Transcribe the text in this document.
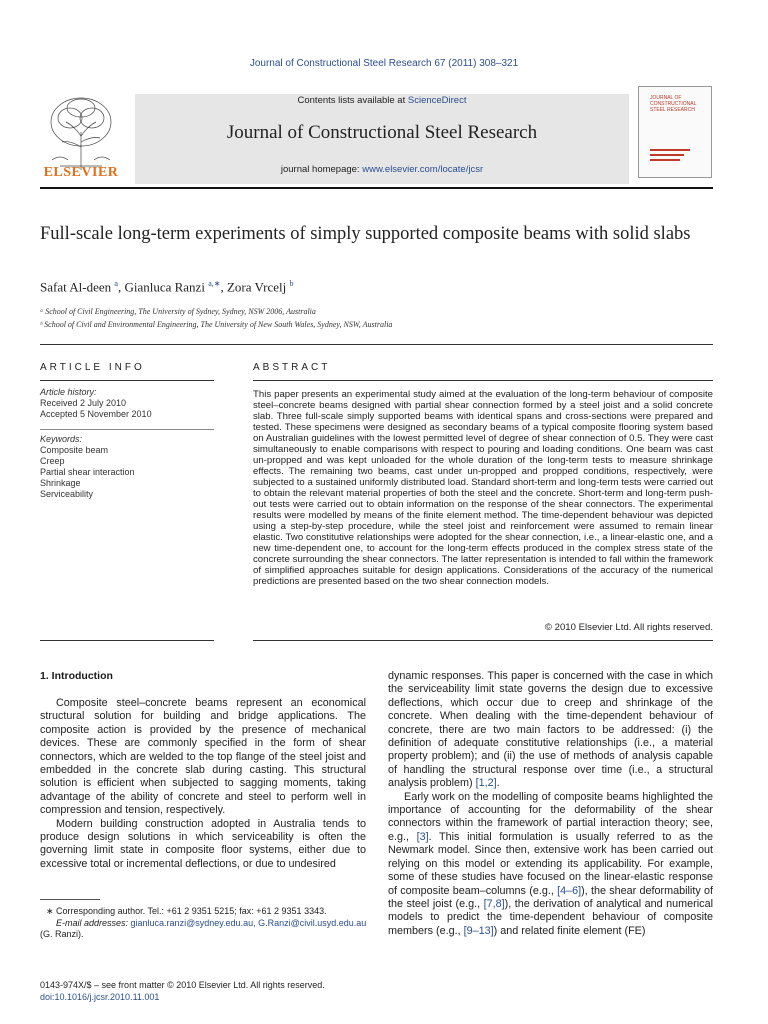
Journal of Constructional Steel Research 67 (2011) 308–321
ELSEVIER
Contents lists available at ScienceDirect
Journal of Constructional Steel Research
journal homepage: www.elsevier.com/locate/jcsr
JOURNAL OF CONSTRUCTIONAL STEEL RESEARCH
Full-scale long-term experiments of simply supported composite beams with solid slabs
Safat Al-deen $^a$, Gianluca Ranzi $^{a,∗}$, Zora Vrcelj $^b$
ᵃ School of Civil Engineering, The University of Sydney, Sydney, NSW 2006, Australia
ᵇ School of Civil and Environmental Engineering, The University of New South Wales, Sydney, NSW, Australia
ARTICLE INFO	ABSTRACT
Article history:
Received 2 July 2010
Accepted 5 November 2010
Keywords:
Composite beam
Creep
Partial shear interaction
Shrinkage
Serviceability
This paper presents an experimental study aimed at the evaluation of the long-term behaviour of composite steel–concrete beams designed with partial shear connection formed by a steel joist and a solid concrete slab. Three full-scale simply supported beams with identical spans and cross-sections were prepared and tested. These specimens were designed as secondary beams of a typical composite flooring system based on Australian guidelines with the lowest permitted level of degree of shear connection of 0.5. They were cast simultaneously to enable comparisons with respect to pouring and loading conditions. One beam was cast un-propped and was kept unloaded for the whole duration of the long-term tests to measure shrinkage effects. The remaining two beams, cast under un-propped and propped conditions, respectively, were subjected to a sustained uniformly distributed load. Standard short-term and long-term tests were carried out to obtain the relevant material properties of both the steel and the concrete. Short-term and long-term push-out tests were carried out to obtain information on the response of the shear connectors. The experimental results were modelled by means of the finite element method. The time-dependent behaviour was depicted using a step-by-step procedure, while the steel joist and reinforcement were assumed to remain linear elastic. Two constitutive relationships were adopted for the shear connection, i.e., a linear-elastic one, and a new time-dependent one, to account for the long-term effects produced in the complex stress state of the concrete surrounding the shear connectors. The latter representation is intended to fall within the framework of simplified approaches suitable for design applications. Considerations of the accuracy of the numerical predictions are presented based on the two shear connection models.
© 2010 Elsevier Ltd. All rights reserved.
1. Introduction

Composite steel–concrete beams represent an economical structural solution for building and bridge applications. The composite action is provided by the presence of mechanical devices. These are commonly specified in the form of shear connectors, which are welded to the top flange of the steel joist and embedded in the concrete slab during casting. This structural solution is efficient when subjected to sagging moments, taking advantage of the ability of concrete and steel to perform well in compression and tension, respectively.

Modern building construction adopted in Australia tends to produce design solutions in which serviceability is often the governing limit state in composite floor systems, either due to excessive total or incremental deflections, or due to undesired

dynamic responses. This paper is concerned with the case in which the serviceability limit state governs the design due to excessive deflections, which occur due to creep and shrinkage of the concrete. When dealing with the time-dependent behaviour of concrete, there are two main factors to be addressed: (i) the definition of adequate constitutive relationships (i.e., a material property problem); and (ii) the use of methods of analysis capable of handling the structural response over time (i.e., a structural analysis problem) [1,2].

Early work on the modelling of composite beams highlighted the importance of accounting for the deformability of the shear connectors within the framework of partial interaction theory; see, e.g., [3]. This initial formulation is usually referred to as the Newmark model. Since then, extensive work has been carried out relying on this model or extending its applicability. For example, some of these studies have focused on the linear-elastic response of composite beam–columns (e.g., [4–6]), the shear deformability of the steel joist (e.g., [7,8]), the derivation of analytical and numerical models to predict the time-dependent behaviour of composite members (e.g., [9–13]) and related finite element (FE)

∗ Corresponding author. Tel.: +61 2 9351 5215; fax: +61 2 9351 3343.
E-mail addresses: gianluca.ranzi@sydney.edu.au, G.Ranzi@civil.usyd.edu.au
(G. Ranzi).
0143-974X/$ – see front matter © 2010 Elsevier Ltd. All rights reserved.
doi:10.1016/j.jcsr.2010.11.001
